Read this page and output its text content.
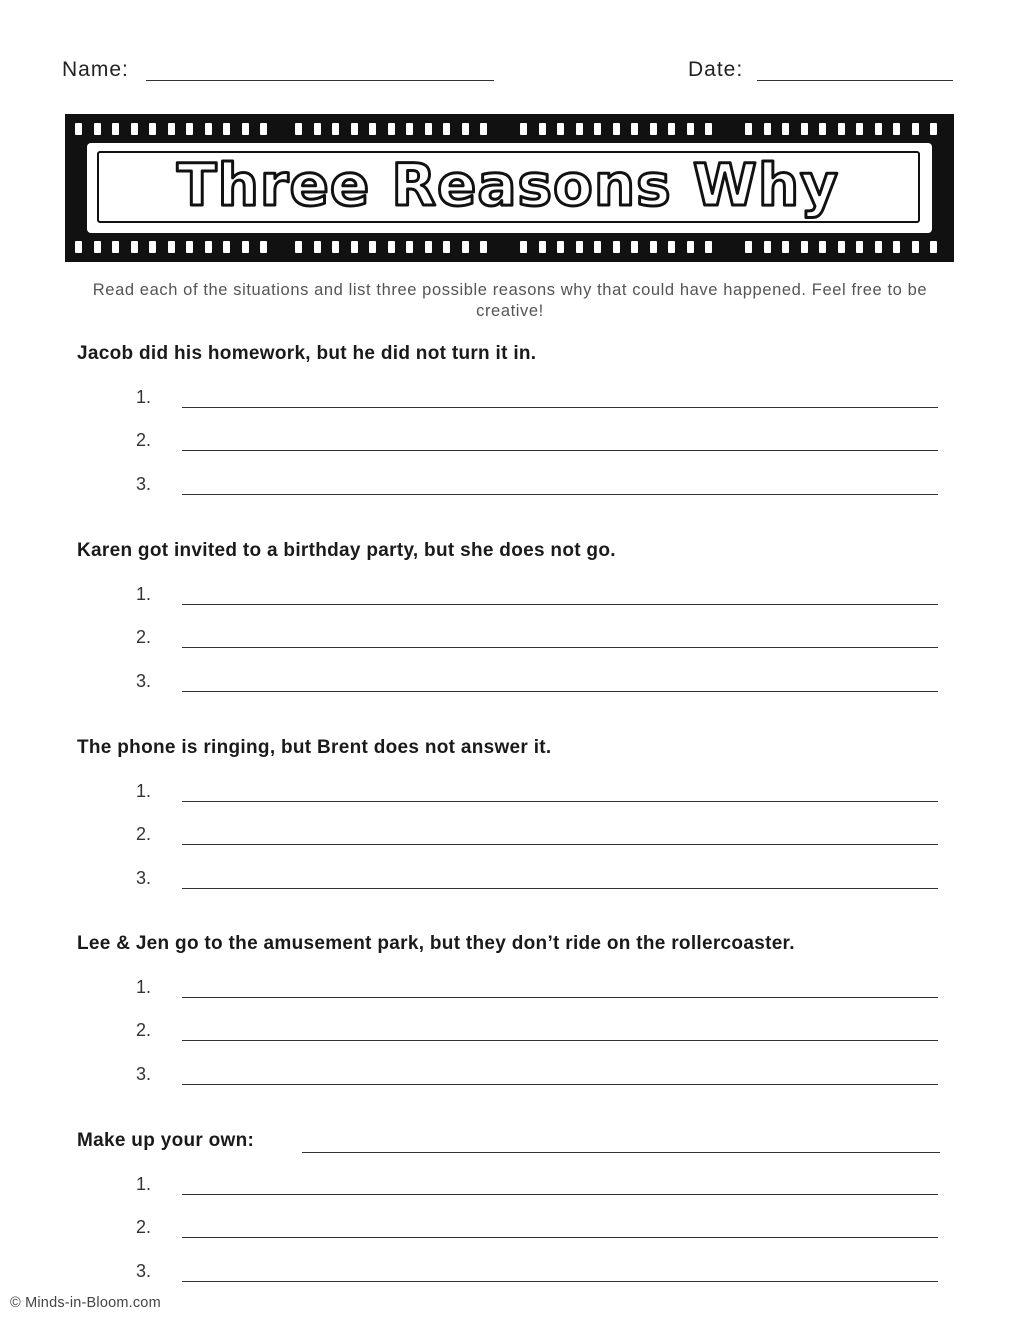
Name:	Date:
Three Reasons Why
Read each of the situations and list three possible reasons why that could have happened. Feel free to be creative!
Jacob did his homework, but he did not turn it in.
1.
2.
3.
Karen got invited to a birthday party, but she does not go.
1.
2.
3.
The phone is ringing, but Brent does not answer it.
1.
2.
3.
Lee & Jen go to the amusement park, but they don’t ride on the rollercoaster.
1.
2.
3.
Make up your own:
1.
2.
3.
© Minds-in-Bloom.com
